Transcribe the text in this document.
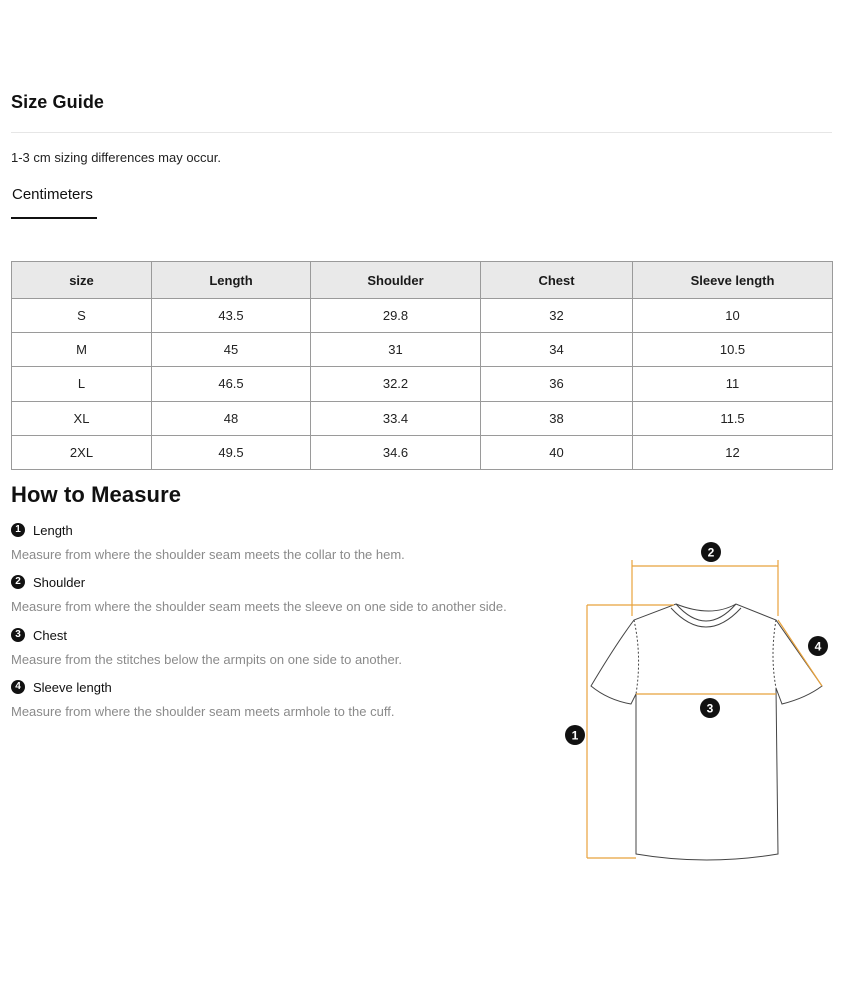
Size Guide
1-3 cm sizing differences may occur.
Centimeters
size	Length	Shoulder	Chest	Sleeve length
S	43.5	29.8	32	10
M	45	31	34	10.5
L	46.5	32.2	36	11
XL	48	33.4	38	11.5
2XL	49.5	34.6	40	12
How to Measure
1 Length
Measure from where the shoulder seam meets the collar to the hem.
2 Shoulder
Measure from where the shoulder seam meets the sleeve on one side to another side.
3 Chest
Measure from the stitches below the armpits on one side to another.
4 Sleeve length
Measure from where the shoulder seam meets armhole to the cuff.
1
2
3
4
